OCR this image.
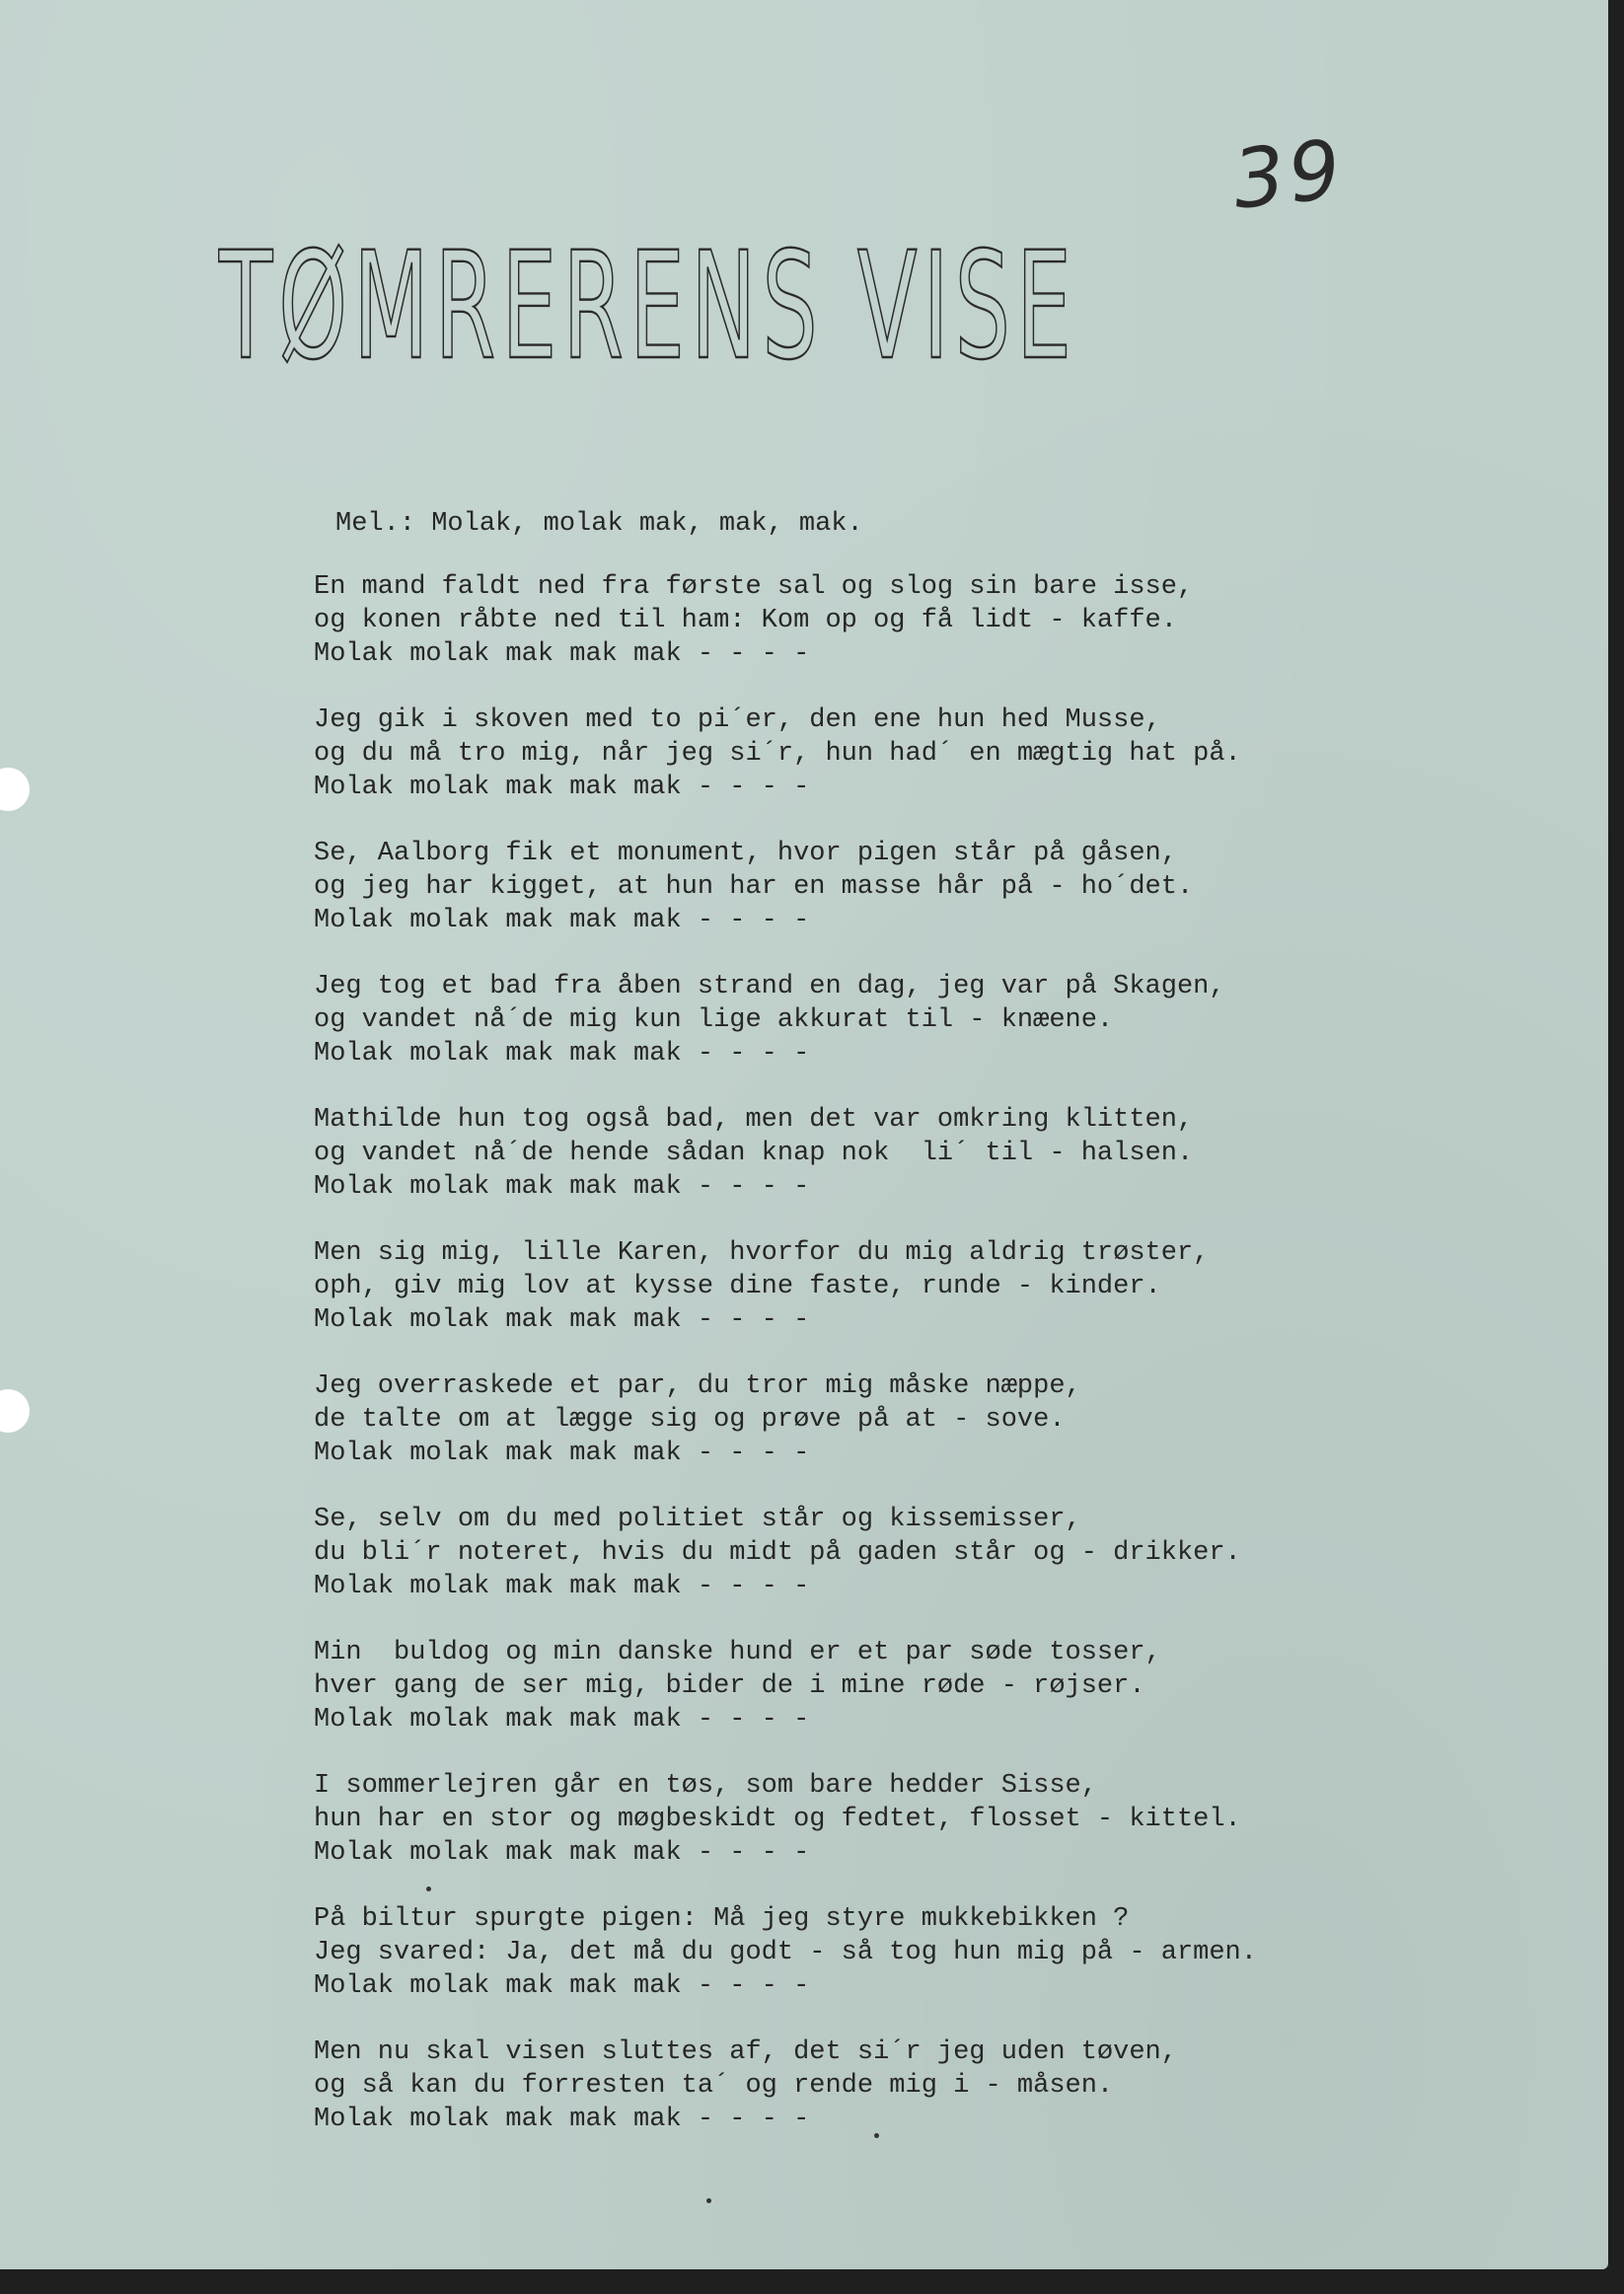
39
TØMRERENS VISE
Mel.: Molak, molak mak, mak, mak.
En mand faldt ned fra første sal og slog sin bare isse,
og konen råbte ned til ham: Kom op og få lidt - kaffe.
Molak molak mak mak mak - - - -
Jeg gik i skoven med to pi´er, den ene hun hed Musse,
og du må tro mig, når jeg si´r, hun had´ en mægtig hat på.
Molak molak mak mak mak - - - -
Se, Aalborg fik et monument, hvor pigen står på gåsen,
og jeg har kigget, at hun har en masse hår på - ho´det.
Molak molak mak mak mak - - - -
Jeg tog et bad fra åben strand en dag, jeg var på Skagen,
og vandet nå´de mig kun lige akkurat til - knæene.
Molak molak mak mak mak - - - -
Mathilde hun tog også bad, men det var omkring klitten,
og vandet nå´de hende sådan knap nok  li´ til - halsen.
Molak molak mak mak mak - - - -
Men sig mig, lille Karen, hvorfor du mig aldrig trøster,
oph, giv mig lov at kysse dine faste, runde - kinder.
Molak molak mak mak mak - - - -
Jeg overraskede et par, du tror mig måske næppe,
de talte om at lægge sig og prøve på at - sove.
Molak molak mak mak mak - - - -
Se, selv om du med politiet står og kissemisser,
du bli´r noteret, hvis du midt på gaden står og - drikker.
Molak molak mak mak mak - - - -
Min  buldog og min danske hund er et par søde tosser,
hver gang de ser mig, bider de i mine røde - røjser.
Molak molak mak mak mak - - - -
I sommerlejren går en tøs, som bare hedder Sisse,
hun har en stor og møgbeskidt og fedtet, flosset - kittel.
Molak molak mak mak mak - - - -
På biltur spurgte pigen: Må jeg styre mukkebikken ?
Jeg svared: Ja, det må du godt - så tog hun mig på - armen.
Molak molak mak mak mak - - - -
Men nu skal visen sluttes af, det si´r jeg uden tøven,
og så kan du forresten ta´ og rende mig i - måsen.
Molak molak mak mak mak - - - -
